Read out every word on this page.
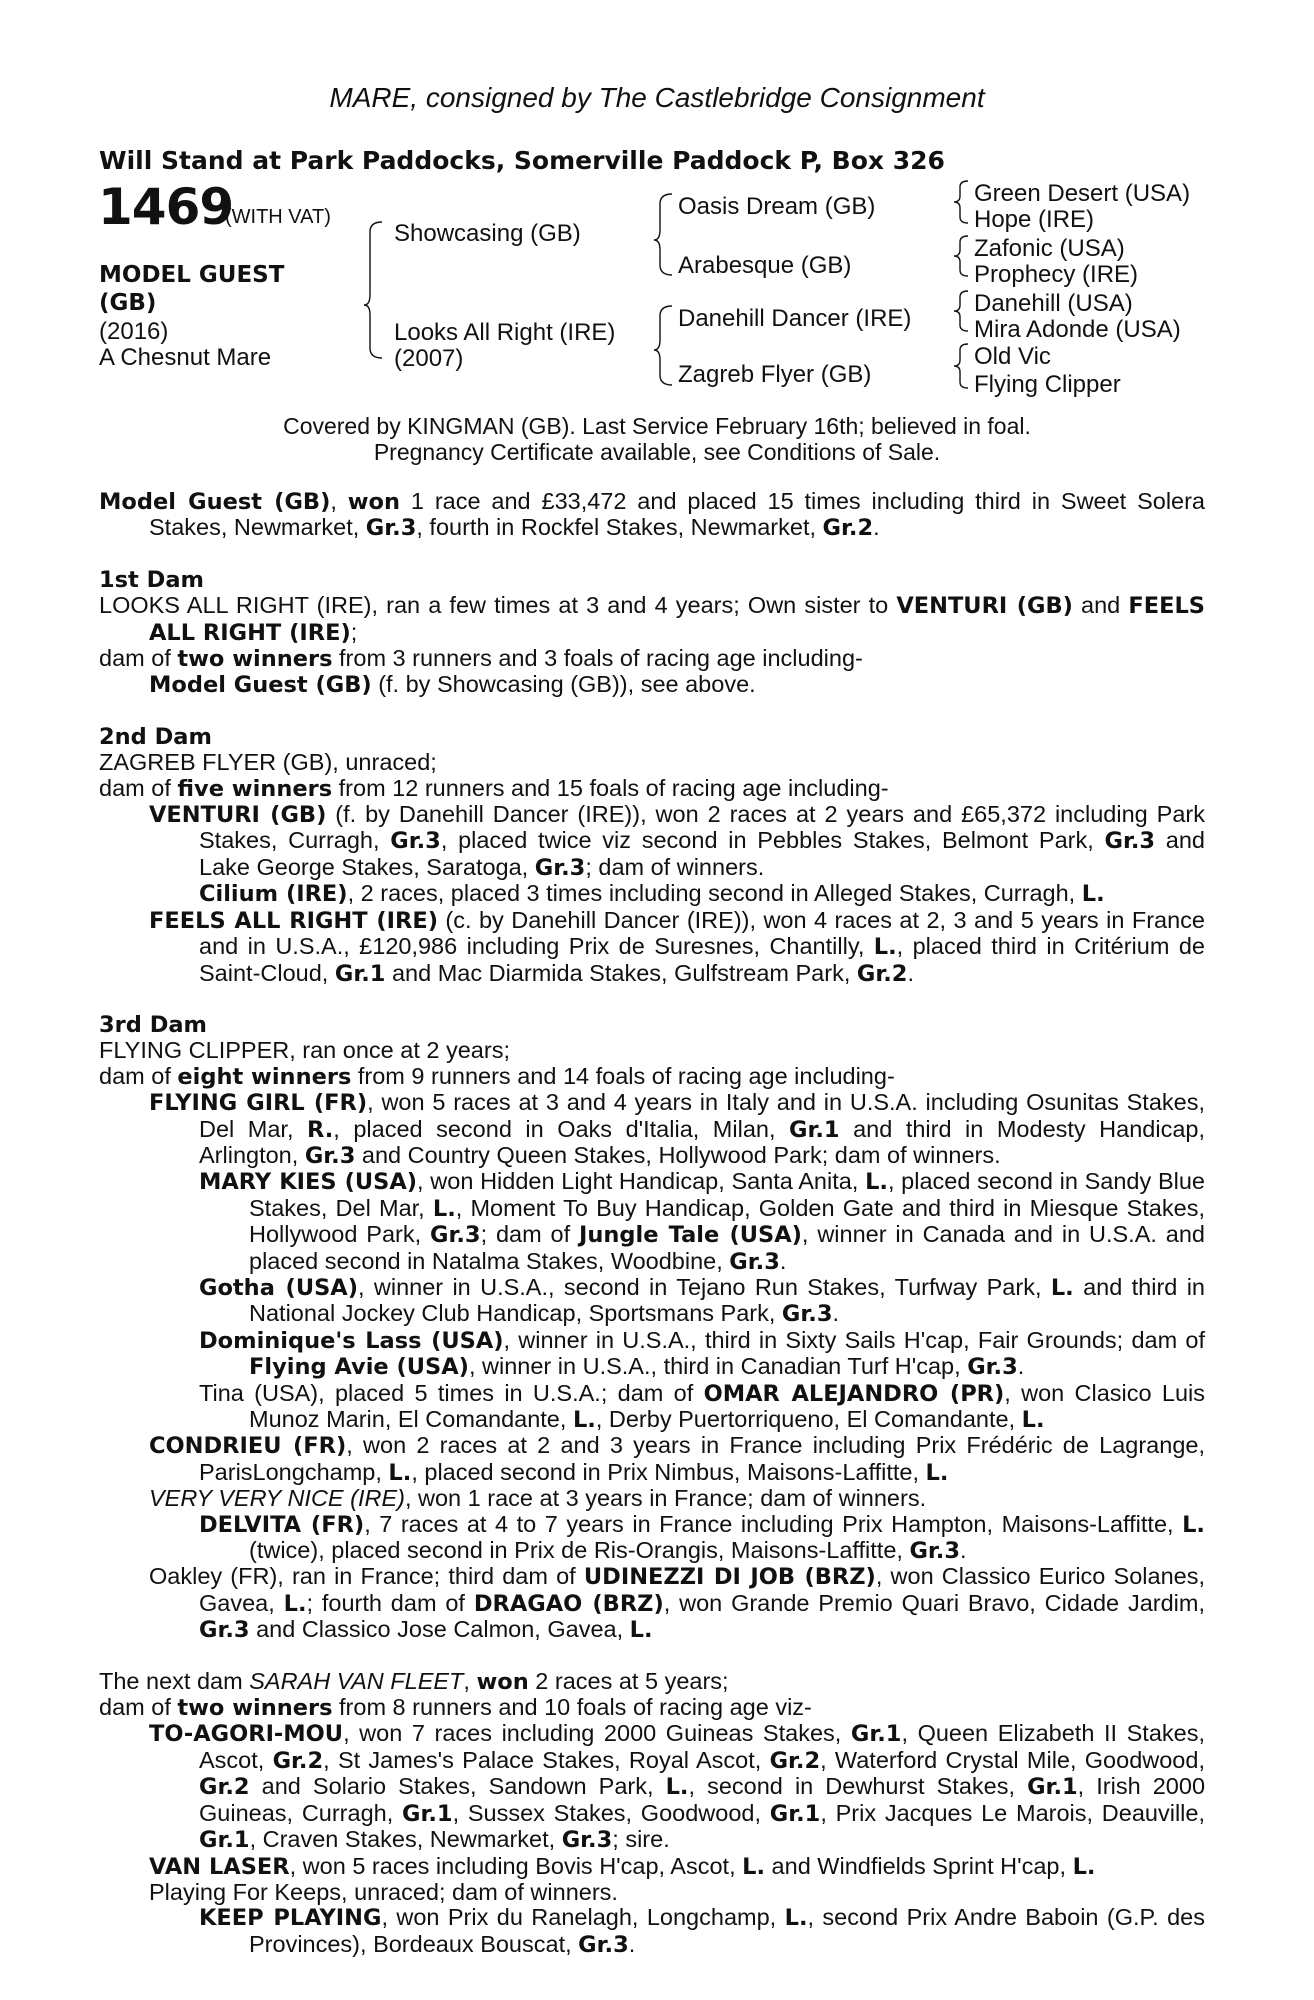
MARE, consigned by The Castlebridge Consignment
Will Stand at Park Paddocks, Somerville Paddock P, Box 326
1469
(WITH VAT)
MODEL GUEST
(GB)
(2016)
A Chesnut Mare
Showcasing (GB)
Looks All Right (IRE)
(2007)
Oasis Dream (GB)
Arabesque (GB)
Danehill Dancer (IRE)
Zagreb Flyer (GB)
Green Desert (USA)
Hope (IRE)
Zafonic (USA)
Prophecy (IRE)
Danehill (USA)
Mira Adonde (USA)
Old Vic
Flying Clipper
Covered by KINGMAN (GB). Last Service February 16th; believed in foal.
Pregnancy Certificate available, see Conditions of Sale.

Model Guest (GB), won 1 race and £33,472 and placed 15 times including third in Sweet Solera Stakes, Newmarket, Gr.3, fourth in Rockfel Stakes, Newmarket, Gr.2.

1st Dam

LOOKS ALL RIGHT (IRE), ran a few times at 3 and 4 years; Own sister to VENTURI (GB) and FEELS ALL RIGHT (IRE);

dam of two winners from 3 runners and 3 foals of racing age including-

Model Guest (GB) (f. by Showcasing (GB)), see above.

2nd Dam

ZAGREB FLYER (GB), unraced;

dam of five winners from 12 runners and 15 foals of racing age including-

VENTURI (GB) (f. by Danehill Dancer (IRE)), won 2 races at 2 years and £65,372 including Park Stakes, Curragh, Gr.3, placed twice viz second in Pebbles Stakes, Belmont Park, Gr.3 and Lake George Stakes, Saratoga, Gr.3; dam of winners.

Cilium (IRE), 2 races, placed 3 times including second in Alleged Stakes, Curragh, L.

FEELS ALL RIGHT (IRE) (c. by Danehill Dancer (IRE)), won 4 races at 2, 3 and 5 years in France and in U.S.A., £120,986 including Prix de Suresnes, Chantilly, L., placed third in Critérium de Saint-Cloud, Gr.1 and Mac Diarmida Stakes, Gulfstream Park, Gr.2.

3rd Dam

FLYING CLIPPER, ran once at 2 years;

dam of eight winners from 9 runners and 14 foals of racing age including-

FLYING GIRL (FR), won 5 races at 3 and 4 years in Italy and in U.S.A. including Osunitas Stakes, Del Mar, R., placed second in Oaks d'Italia, Milan, Gr.1 and third in Modesty Handicap, Arlington, Gr.3 and Country Queen Stakes, Hollywood Park; dam of winners.

MARY KIES (USA), won Hidden Light Handicap, Santa Anita, L., placed second in Sandy Blue Stakes, Del Mar, L., Moment To Buy Handicap, Golden Gate and third in Miesque Stakes, Hollywood Park, Gr.3; dam of Jungle Tale (USA), winner in Canada and in U.S.A. and placed second in Natalma Stakes, Woodbine, Gr.3.

Gotha (USA), winner in U.S.A., second in Tejano Run Stakes, Turfway Park, L. and third in National Jockey Club Handicap, Sportsmans Park, Gr.3.

Dominique's Lass (USA), winner in U.S.A., third in Sixty Sails H'cap, Fair Grounds; dam of Flying Avie (USA), winner in U.S.A., third in Canadian Turf H'cap, Gr.3.

Tina (USA), placed 5 times in U.S.A.; dam of OMAR ALEJANDRO (PR), won Clasico Luis Munoz Marin, El Comandante, L., Derby Puertorriqueno, El Comandante, L.

CONDRIEU (FR), won 2 races at 2 and 3 years in France including Prix Frédéric de Lagrange, ParisLongchamp, L., placed second in Prix Nimbus, Maisons-Laffitte, L.

VERY VERY NICE (IRE), won 1 race at 3 years in France; dam of winners.

DELVITA (FR), 7 races at 4 to 7 years in France including Prix Hampton, Maisons-Laffitte, L. (twice), placed second in Prix de Ris-Orangis, Maisons-Laffitte, Gr.3.

Oakley (FR), ran in France; third dam of UDINEZZI DI JOB (BRZ), won Classico Eurico Solanes, Gavea, L.; fourth dam of DRAGAO (BRZ), won Grande Premio Quari Bravo, Cidade Jardim, Gr.3 and Classico Jose Calmon, Gavea, L.

The next dam SARAH VAN FLEET, won 2 races at 5 years;

dam of two winners from 8 runners and 10 foals of racing age viz-

TO-AGORI-MOU, won 7 races including 2000 Guineas Stakes, Gr.1, Queen Elizabeth II Stakes, Ascot, Gr.2, St James's Palace Stakes, Royal Ascot, Gr.2, Waterford Crystal Mile, Goodwood, Gr.2 and Solario Stakes, Sandown Park, L., second in Dewhurst Stakes, Gr.1, Irish 2000 Guineas, Curragh, Gr.1, Sussex Stakes, Goodwood, Gr.1, Prix Jacques Le Marois, Deauville, Gr.1, Craven Stakes, Newmarket, Gr.3; sire.

VAN LASER, won 5 races including Bovis H'cap, Ascot, L. and Windfields Sprint H'cap, L.

Playing For Keeps, unraced; dam of winners.

KEEP PLAYING, won Prix du Ranelagh, Longchamp, L., second Prix Andre Baboin (G.P. des Provinces), Bordeaux Bouscat, Gr.3.
